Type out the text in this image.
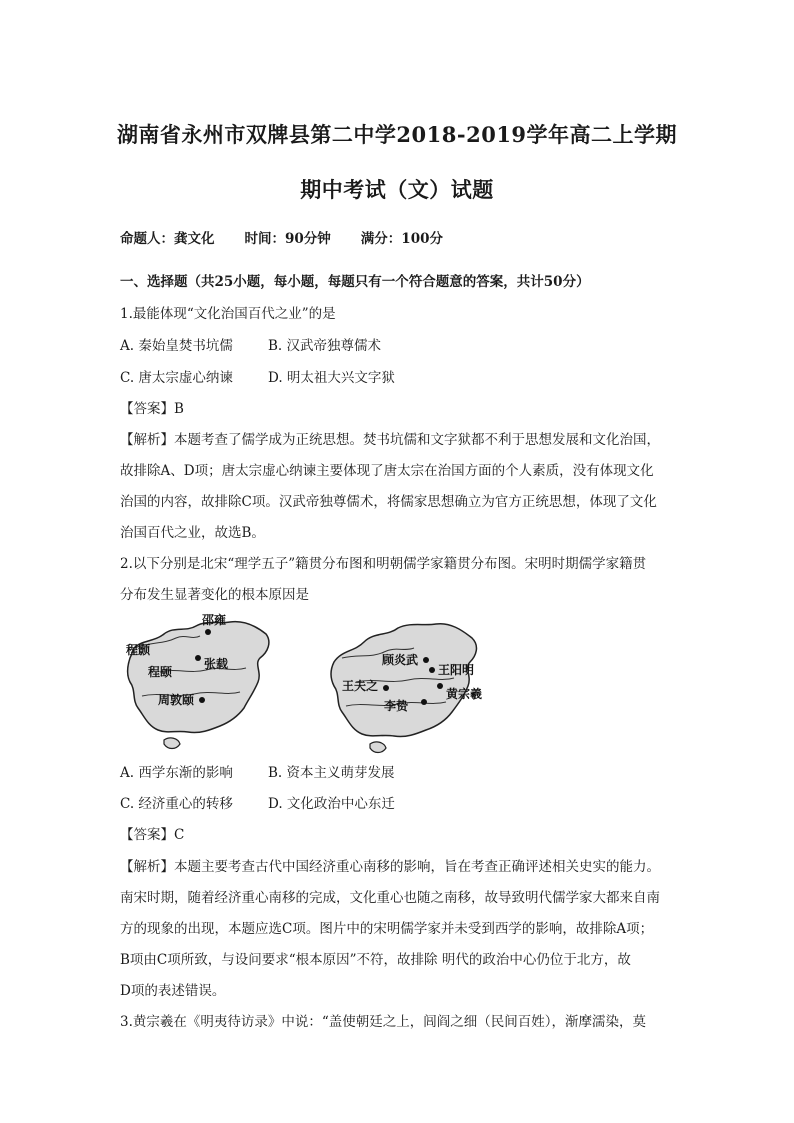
湖南省永州市双牌县第二中学2018-2019学年高二上学期
期中考试（文）试题
命题人：龚文化 时间：90分钟 满分：100分
一、选择题（共25小题，每小题，每题只有一个符合题意的答案，共计50分）
1.最能体现“文化治国百代之业”的是
A. 秦始皇焚书坑儒	B. 汉武帝独尊儒术
C. 唐太宗虚心纳谏	D. 明太祖大兴文字狱
【答案】B
【解析】本题考查了儒学成为正统思想。焚书坑儒和文字狱都不利于思想发展和文化治国，
故排除A、D项；唐太宗虚心纳谏主要体现了唐太宗在治国方面的个人素质，没有体现文化
治国的内容，故排除C项。汉武帝独尊儒术，将儒家思想确立为官方正统思想，体现了文化
治国百代之业，故选B。
2.以下分别是北宋“理学五子”籍贯分布图和明朝儒学家籍贯分布图。宋明时期儒学家籍贯
分布发生显著变化的根本原因是
邵雍
程颢
程颐
张载
周敦颐
顾炎武
王阳明
王夫之
黄宗羲
李贽
A. 西学东渐的影响	B. 资本主义萌芽发展
C. 经济重心的转移	D. 文化政治中心东迁
【答案】C
【解析】本题主要考查古代中国经济重心南移的影响，旨在考查正确评述相关史实的能力。
南宋时期，随着经济重心南移的完成，文化重心也随之南移，故导致明代儒学家大都来自南
方的现象的出现，本题应选C项。图片中的宋明儒学家并未受到西学的影响，故排除A项；
B项由C项所致，与设问要求“根本原因”不符，故排除 明代的政治中心仍位于北方，故
D项的表述错误。
3.黄宗羲在《明夷待访录》中说：“盖使朝廷之上，闾阎之细（民间百姓），渐摩濡染，莫
